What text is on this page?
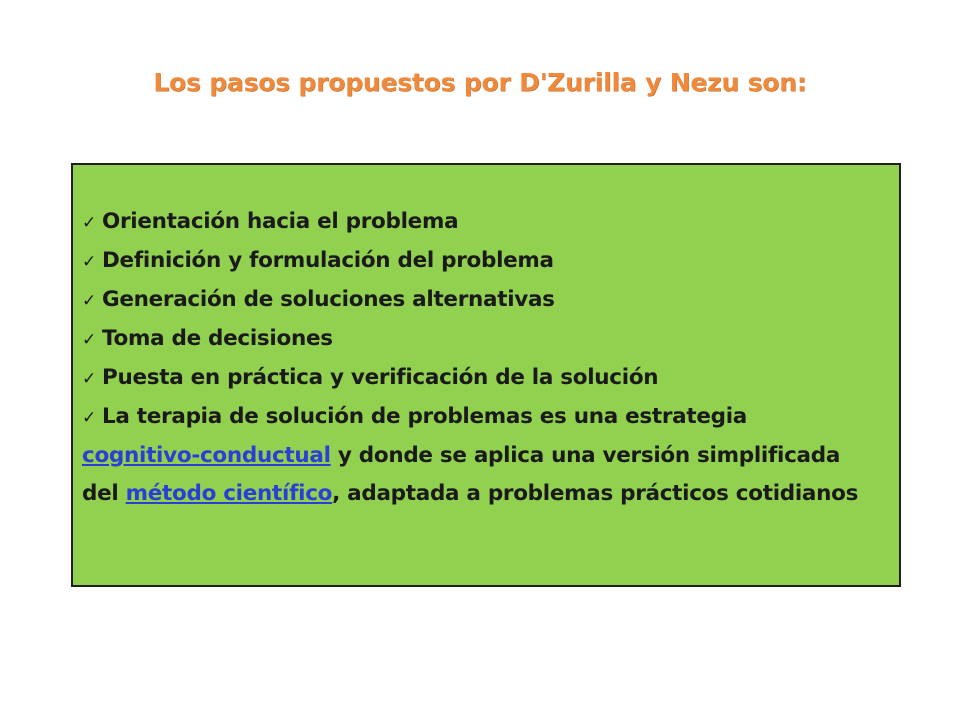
Los pasos propuestos por D'Zurilla y Nezu son:
✓ Orientación hacia el problema
✓ Definición y formulación del problema
✓ Generación de soluciones alternativas
✓ Toma de decisiones
✓ Puesta en práctica y verificación de la solución
✓ La terapia de solución de problemas es una estrategia cognitivo-conductual y donde se aplica una versión simplificada del método científico, adaptada a problemas prácticos cotidianos
